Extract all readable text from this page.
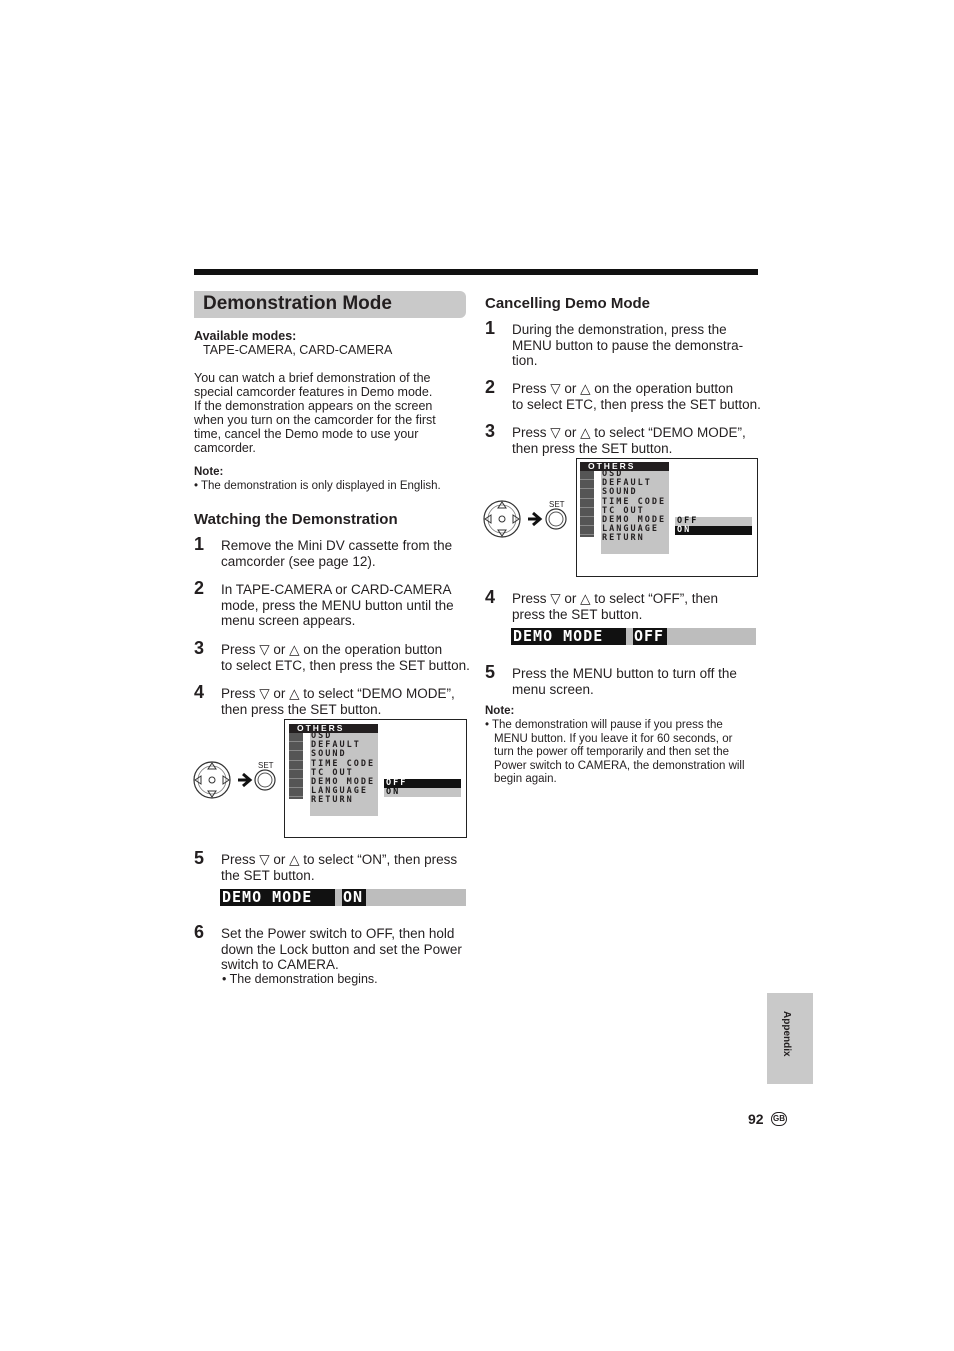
Demonstration Mode
Available modes:
TAPE-CAMERA, CARD-CAMERA
You can watch a brief demonstration of the
special camcorder features in Demo mode.
If the demonstration appears on the screen
when you turn on the camcorder for the first
time, cancel the Demo mode to use your
camcorder.
Note:
• The demonstration is only displayed in English.
Watching the Demonstration
1 Remove the Mini DV cassette from the
camcorder (see page 12).
2 In TAPE-CAMERA or CARD-CAMERA
mode, press the MENU button until the
menu screen appears.
3 Press ▽ or △ on the operation button
to select ETC, then press the SET button.
4 Press ▽ or △ to select “DEMO MODE”,
then press the SET button.
SET
OTHERS
OSD
DEFAULT
SOUND
TIME CODE
TC OUT
DEMO MODE
LANGUAGE
RETURN
OFF
ON
5 Press ▽ or △ to select “ON”, then press
the SET button.
DEMO MODE	ON
6 Set the Power switch to OFF, then hold
down the Lock button and set the Power
switch to CAMERA.
• The demonstration begins.
Cancelling Demo Mode
1 During the demonstration, press the
MENU button to pause the demonstra-
tion.
2 Press ▽ or △ on the operation button
to select ETC, then press the SET button.
3 Press ▽ or △ to select “DEMO MODE”,
then press the SET button.
SET
OTHERS
OSD
DEFAULT
SOUND
TIME CODE
TC OUT
DEMO MODE
LANGUAGE
RETURN
OFF
ON
4 Press ▽ or △ to select “OFF”, then
press the SET button.
DEMO MODE	OFF
5 Press the MENU button to turn off the
menu screen.
Note:
• The demonstration will pause if you press the
MENU button. If you leave it for 60 seconds, or
turn the power off temporarily and then set the
Power switch to CAMERA, the demonstration will
begin again.
Appendix
92 GB
